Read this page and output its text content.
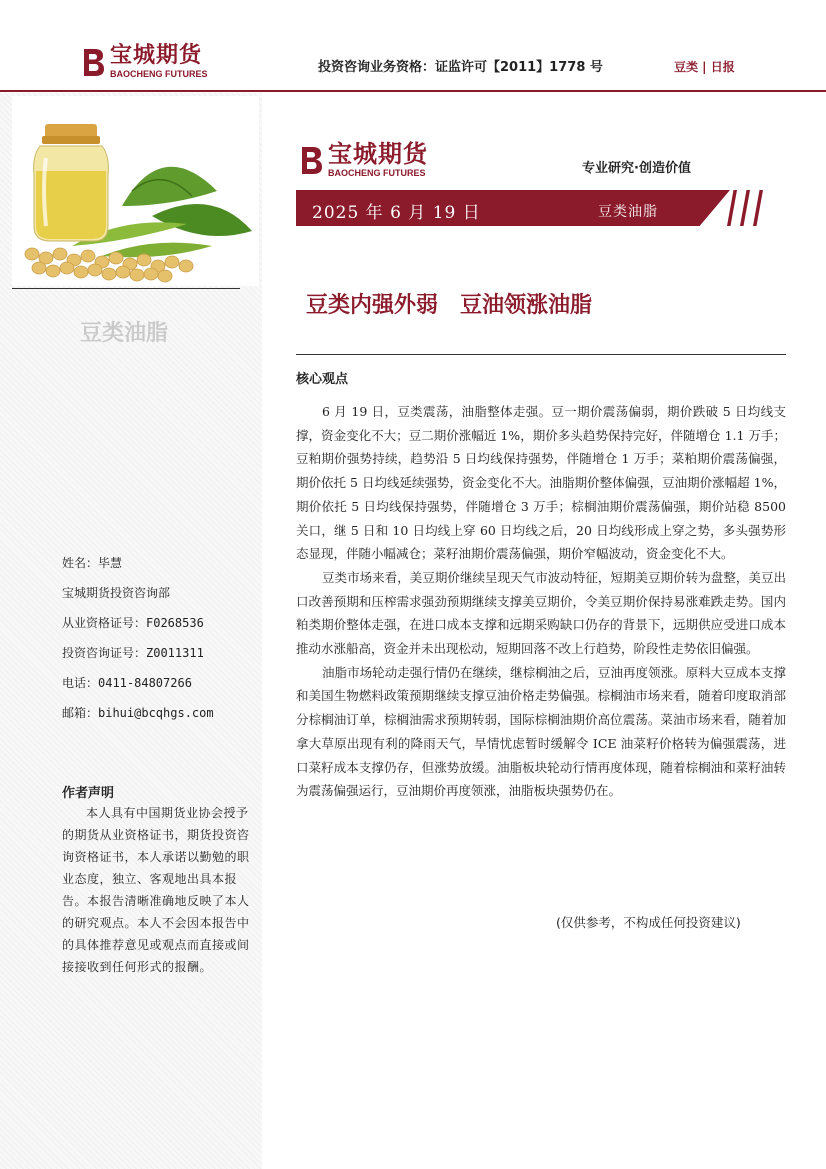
宝城期货
BAOCHENG FUTURES	投资咨询业务资格：证监许可【2011】1778 号	豆类 | 日报
豆类油脂
姓名：毕慧
宝城期货投资咨询部
从业资格证号：F0268536
投资咨询证号：Z0011311
电话：0411-84807266
邮箱：bihui@bcqhgs.com
作者声明
本人具有中国期货业协会授予的期货从业资格证书，期货投资咨询资格证书，本人承诺以勤勉的职业态度，独立、客观地出具本报告。本报告清晰准确地反映了本人的研究观点。本人不会因本报告中的具体推荐意见或观点而直接或间接接收到任何形式的报酬。
宝城期货
BAOCHENG FUTURES	专业研究·创造价值
2025 年 6 月 19 日	豆类油脂
豆类内强外弱　豆油领涨油脂
核心观点

6 月 19 日，豆类震荡，油脂整体走强。豆一期价震荡偏弱，期价跌破 5 日均线支撑，资金变化不大；豆二期价涨幅近 1%，期价多头趋势保持完好，伴随增仓 1.1 万手；豆粕期价强势持续，趋势沿 5 日均线保持强势，伴随增仓 1 万手；菜粕期价震荡偏强，期价依托 5 日均线延续强势，资金变化不大。油脂期价整体偏强，豆油期价涨幅超 1%，期价依托 5 日均线保持强势，伴随增仓 3 万手；棕榈油期价震荡偏强，期价站稳 8500 关口，继 5 日和 10 日均线上穿 60 日均线之后，20 日均线形成上穿之势，多头强势形态显现，伴随小幅减仓；菜籽油期价震荡偏强，期价窄幅波动，资金变化不大。

豆类市场来看，美豆期价继续呈现天气市波动特征，短期美豆期价转为盘整，美豆出口改善预期和压榨需求强劲预期继续支撑美豆期价，令美豆期价保持易涨难跌走势。国内粕类期价整体走强，在进口成本支撑和远期采购缺口仍存的背景下，远期供应受进口成本推动水涨船高，资金并未出现松动，短期回落不改上行趋势，阶段性走势依旧偏强。

油脂市场轮动走强行情仍在继续，继棕榈油之后，豆油再度领涨。原料大豆成本支撑和美国生物燃料政策预期继续支撑豆油价格走势偏强。棕榈油市场来看，随着印度取消部分棕榈油订单，棕榈油需求预期转弱，国际棕榈油期价高位震荡。菜油市场来看，随着加拿大草原出现有利的降雨天气，旱情忧虑暂时缓解令 ICE 油菜籽价格转为偏强震荡，进口菜籽成本支撑仍存，但涨势放缓。油脂板块轮动行情再度体现，随着棕榈油和菜籽油转为震荡偏强运行，豆油期价再度领涨，油脂板块强势仍在。

(仅供参考，不构成任何投资建议)
